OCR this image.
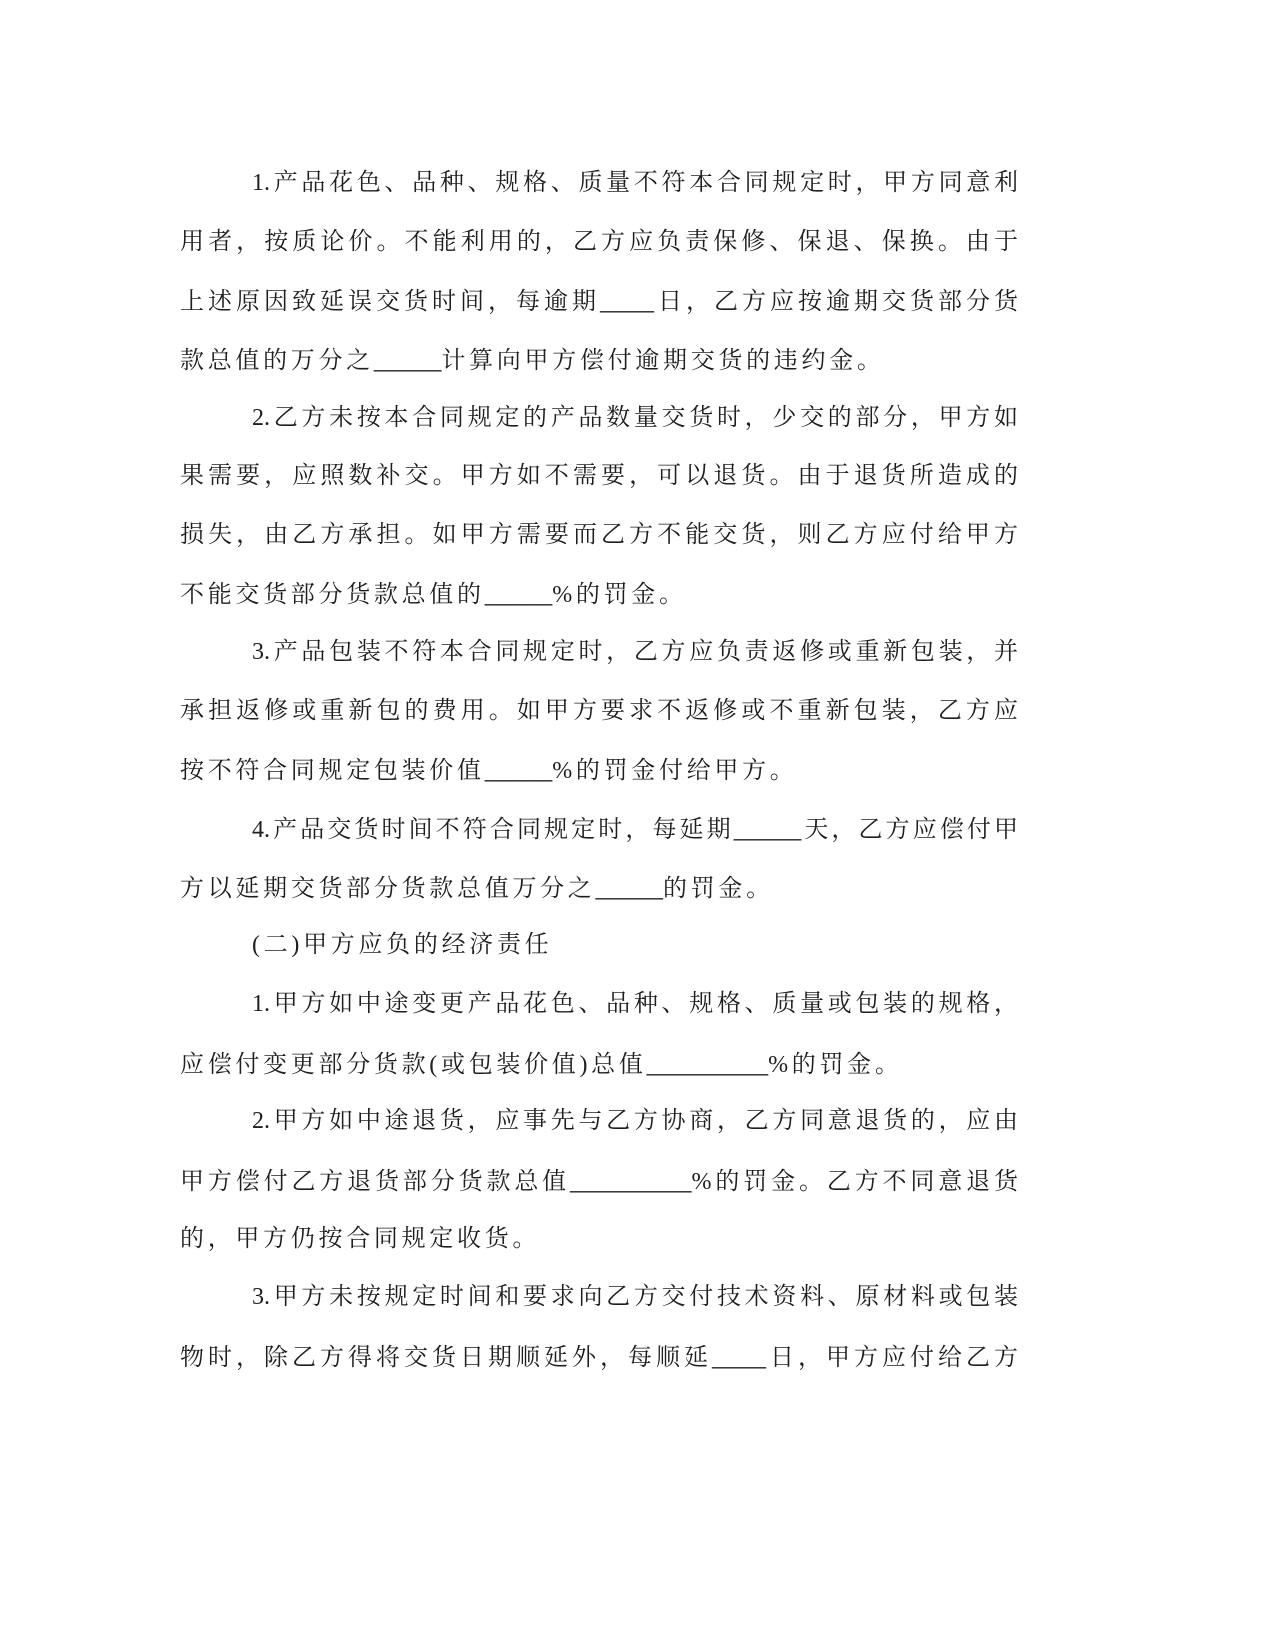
1.产品花色、品种、规格、质量不符本合同规定时，甲方同意利
用者，按质论价。不能利用的，乙方应负责保修、保退、保换。由于
上述原因致延误交货时间，每逾期____日，乙方应按逾期交货部分货
款总值的万分之_____计算向甲方偿付逾期交货的违约金。
2.乙方未按本合同规定的产品数量交货时，少交的部分，甲方如
果需要，应照数补交。甲方如不需要，可以退货。由于退货所造成的
损失，由乙方承担。如甲方需要而乙方不能交货，则乙方应付给甲方
不能交货部分货款总值的_____%的罚金。
3.产品包装不符本合同规定时，乙方应负责返修或重新包装，并
承担返修或重新包的费用。如甲方要求不返修或不重新包装，乙方应
按不符合同规定包装价值_____%的罚金付给甲方。
4.产品交货时间不符合同规定时，每延期_____天，乙方应偿付甲
方以延期交货部分货款总值万分之_____的罚金。
(二)甲方应负的经济责任
1.甲方如中途变更产品花色、品种、规格、质量或包装的规格，
应偿付变更部分货款(或包装价值)总值_________%的罚金。
2.甲方如中途退货，应事先与乙方协商，乙方同意退货的，应由
甲方偿付乙方退货部分货款总值_________%的罚金。乙方不同意退货
的，甲方仍按合同规定收货。
3.甲方未按规定时间和要求向乙方交付技术资料、原材料或包装
物时，除乙方得将交货日期顺延外，每顺延____日，甲方应付给乙方
